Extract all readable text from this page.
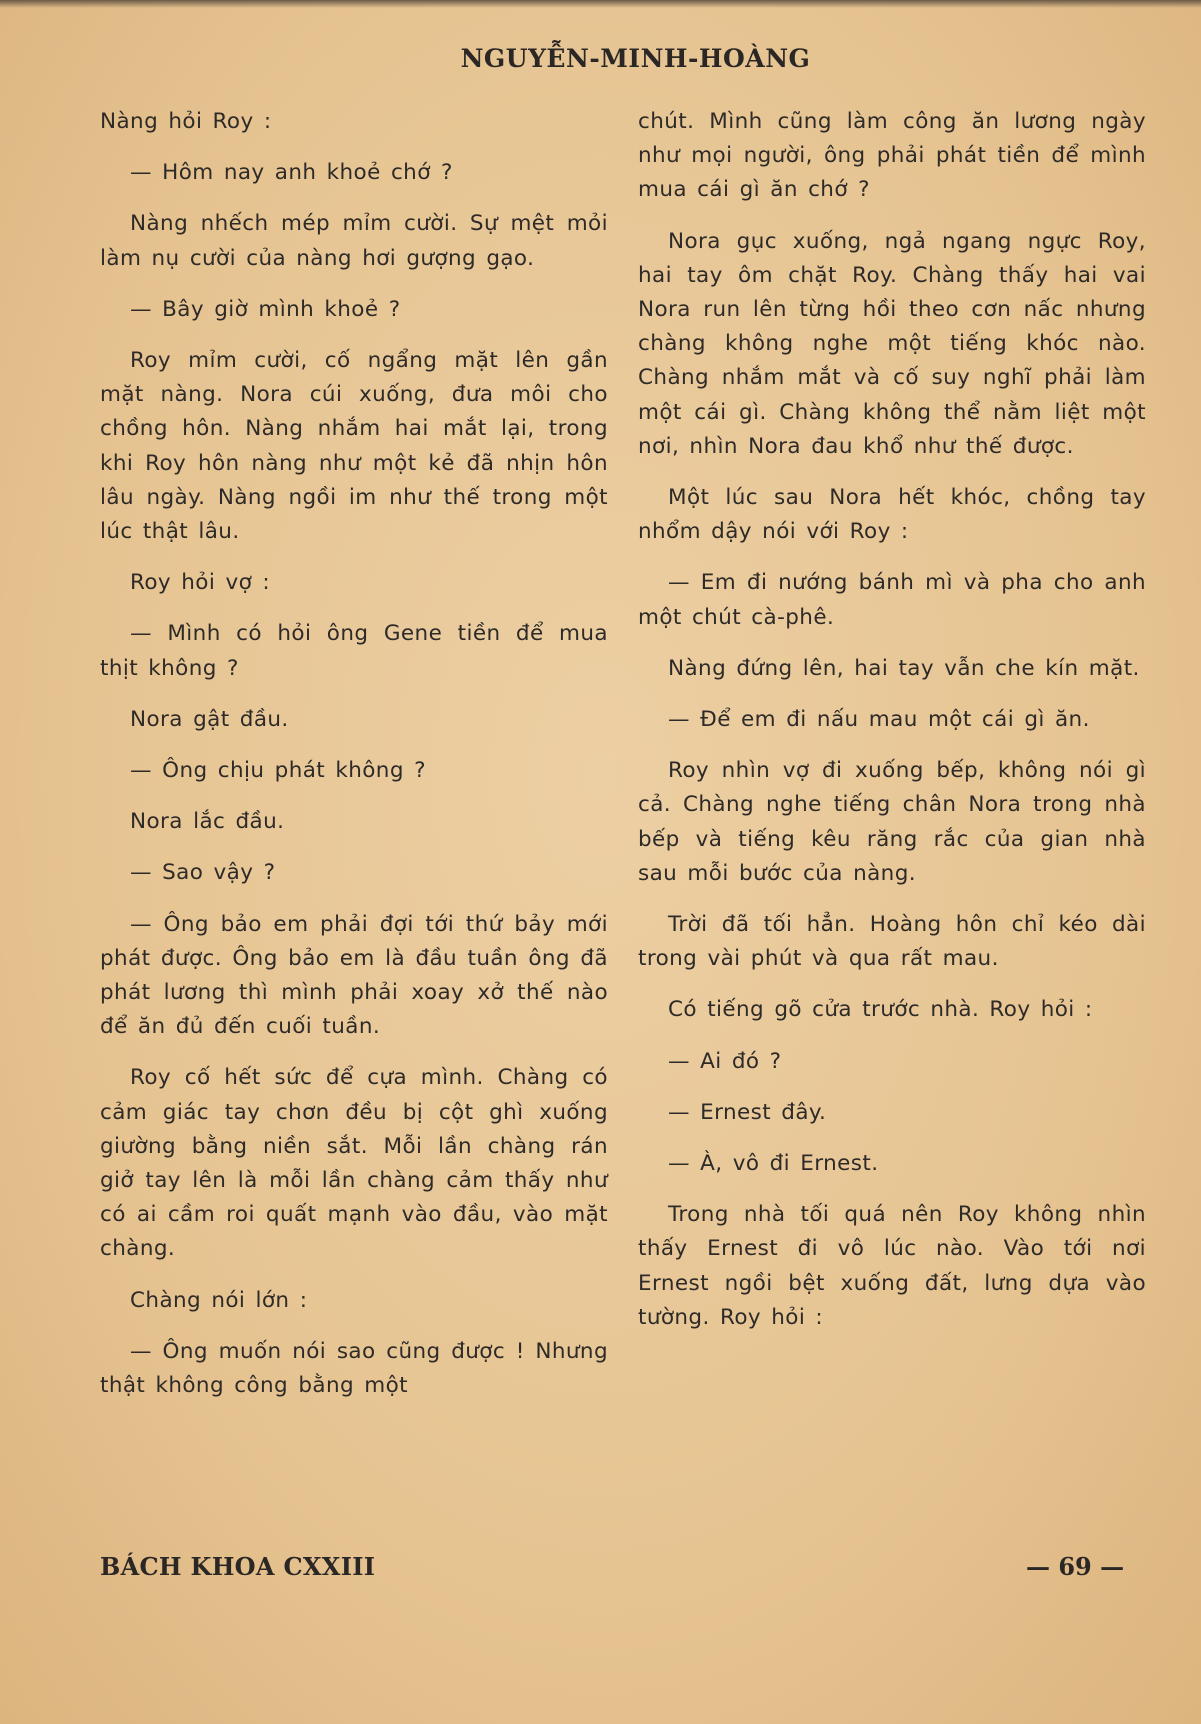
NGUYỄN-MINH-HOÀNG

Nàng hỏi Roy :

— Hôm nay anh khoẻ chớ ?

Nàng nhếch mép mỉm cười. Sự mệt mỏi làm nụ cười của nàng hơi gượng gạo.

— Bây giờ mình khoẻ ?

Roy mỉm cười, cố ngẩng mặt lên gần mặt nàng. Nora cúi xuống, đưa môi cho chồng hôn. Nàng nhắm hai mắt lại, trong khi Roy hôn nàng như một kẻ đã nhịn hôn lâu ngày. Nàng ngồi im như thế trong một lúc thật lâu.

Roy hỏi vợ :

— Mình có hỏi ông Gene tiền để mua thịt không ?

Nora gật đầu.

— Ông chịu phát không ?

Nora lắc đầu.

— Sao vậy ?

— Ông bảo em phải đợi tới thứ bảy mới phát được. Ông bảo em là đầu tuần ông đã phát lương thì mình phải xoay xở thế nào để ăn đủ đến cuối tuần.

Roy cố hết sức để cựa mình. Chàng có cảm giác tay chơn đều bị cột ghì xuống giường bằng niền sắt. Mỗi lần chàng rán giở tay lên là mỗi lần chàng cảm thấy như có ai cầm roi quất mạnh vào đầu, vào mặt chàng.

Chàng nói lớn :

— Ông muốn nói sao cũng được ! Nhưng thật không công bằng một

chút. Mình cũng làm công ăn lương ngày như mọi người, ông phải phát tiền để mình mua cái gì ăn chớ ?

Nora gục xuống, ngả ngang ngực Roy, hai tay ôm chặt Roy. Chàng thấy hai vai Nora run lên từng hồi theo cơn nấc nhưng chàng không nghe một tiếng khóc nào. Chàng nhắm mắt và cố suy nghĩ phải làm một cái gì. Chàng không thể nằm liệt một nơi, nhìn Nora đau khổ như thế được.

Một lúc sau Nora hết khóc, chồng tay nhổm dậy nói với Roy :

— Em đi nướng bánh mì và pha cho anh một chút cà-phê.

Nàng đứng lên, hai tay vẫn che kín mặt.

— Để em đi nấu mau một cái gì ăn.

Roy nhìn vợ đi xuống bếp, không nói gì cả. Chàng nghe tiếng chân Nora trong nhà bếp và tiếng kêu răng rắc của gian nhà sau mỗi bước của nàng.

Trời đã tối hẳn. Hoàng hôn chỉ kéo dài trong vài phút và qua rất mau.

Có tiếng gõ cửa trước nhà. Roy hỏi :

— Ai đó ?

— Ernest đây.

— À, vô đi Ernest.

Trong nhà tối quá nên Roy không nhìn thấy Ernest đi vô lúc nào. Vào tới nơi Ernest ngồi bệt xuống đất, lưng dựa vào tường. Roy hỏi :

BÁCH KHOA CXXIII	— 69 —
